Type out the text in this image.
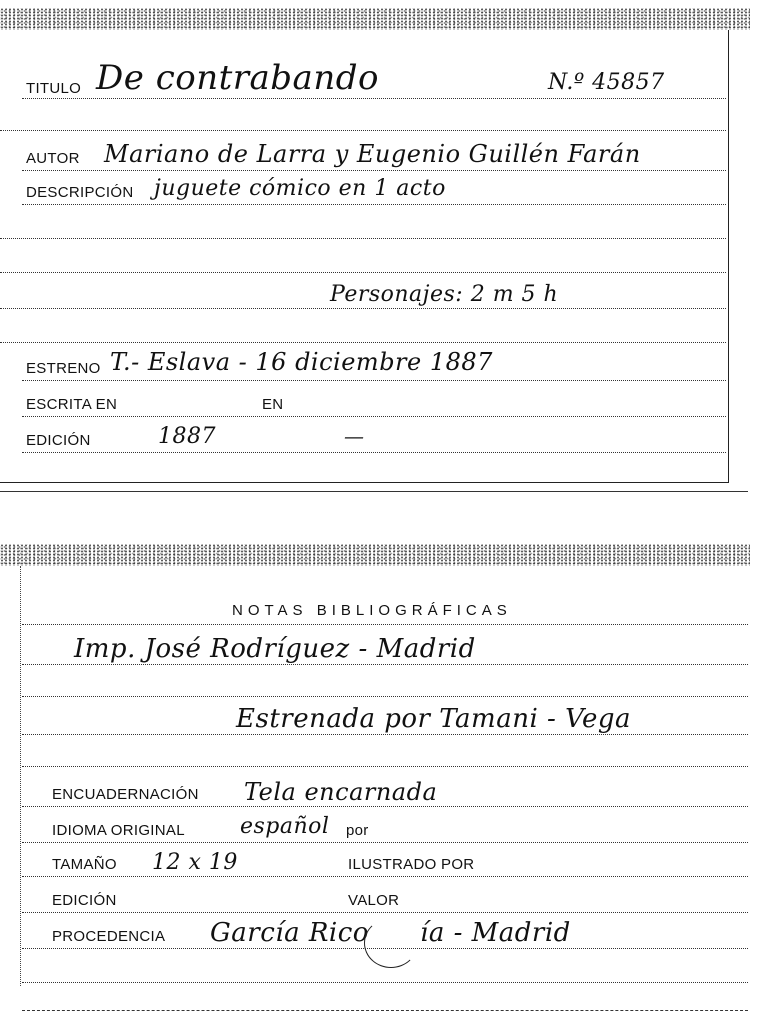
TITULO De contrabando	N.º 45857
AUTOR Mariano de Larra y Eugenio Guillén Farán
DESCRIPCIÓN juguete cómico en 1 acto
Personajes: 2 m 5 h
ESTRENO T.- Eslava - 16 diciembre 1887
ESCRITA EN	EN
EDICIÓN	1887	—
NOTAS BIBLIOGRÁFICAS
Imp. José Rodríguez - Madrid
Estrenada por Tamani - Vega
ENCUADERNACIÓN Tela encarnada
IDIOMA ORIGINAL	español por
TAMAÑO 12 x 19	ILUSTRADO POR
EDICIÓN	VALOR
PROCEDENCIA García Rico ía - Madrid
